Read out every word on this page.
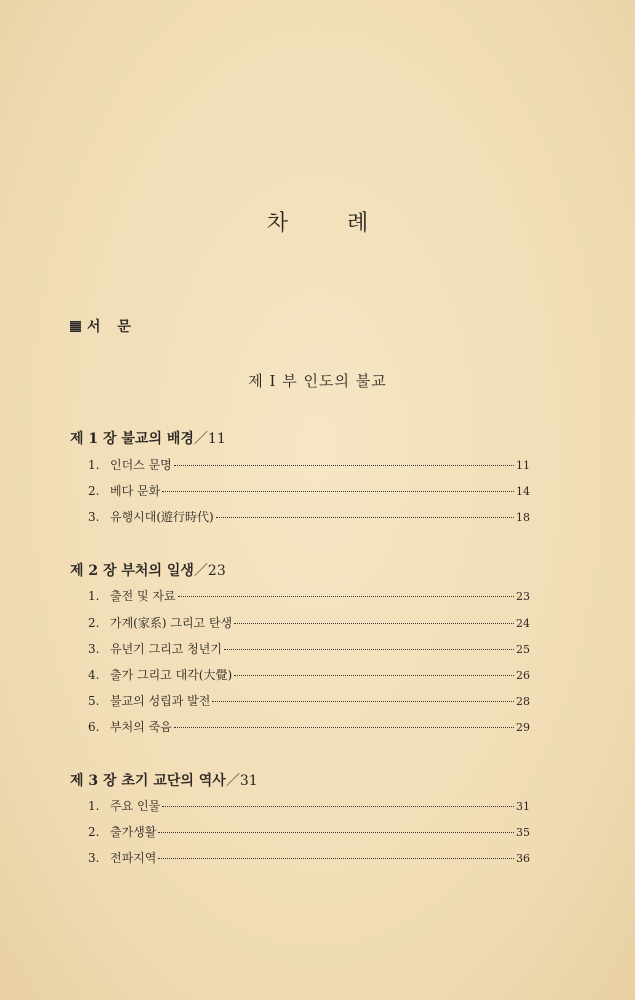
차 례
서 문
제 I 부 인도의 불교
제 1 장 불교의 배경 ／11
1. 인더스 문명	11
2. 베다 문화	14
3. 유행시대(遊行時代)	18
제 2 장 부처의 일생 ／23
1. 출전 및 자료	23
2. 가계(家系) 그리고 탄생	24
3. 유년기 그리고 청년기	25
4. 출가 그리고 대각(大覺)	26
5. 불교의 성립과 발전	28
6. 부처의 죽음	29
제 3 장 초기 교단의 역사 ／31
1. 주요 인물	31
2. 출가생활	35
3. 전파지역	36
